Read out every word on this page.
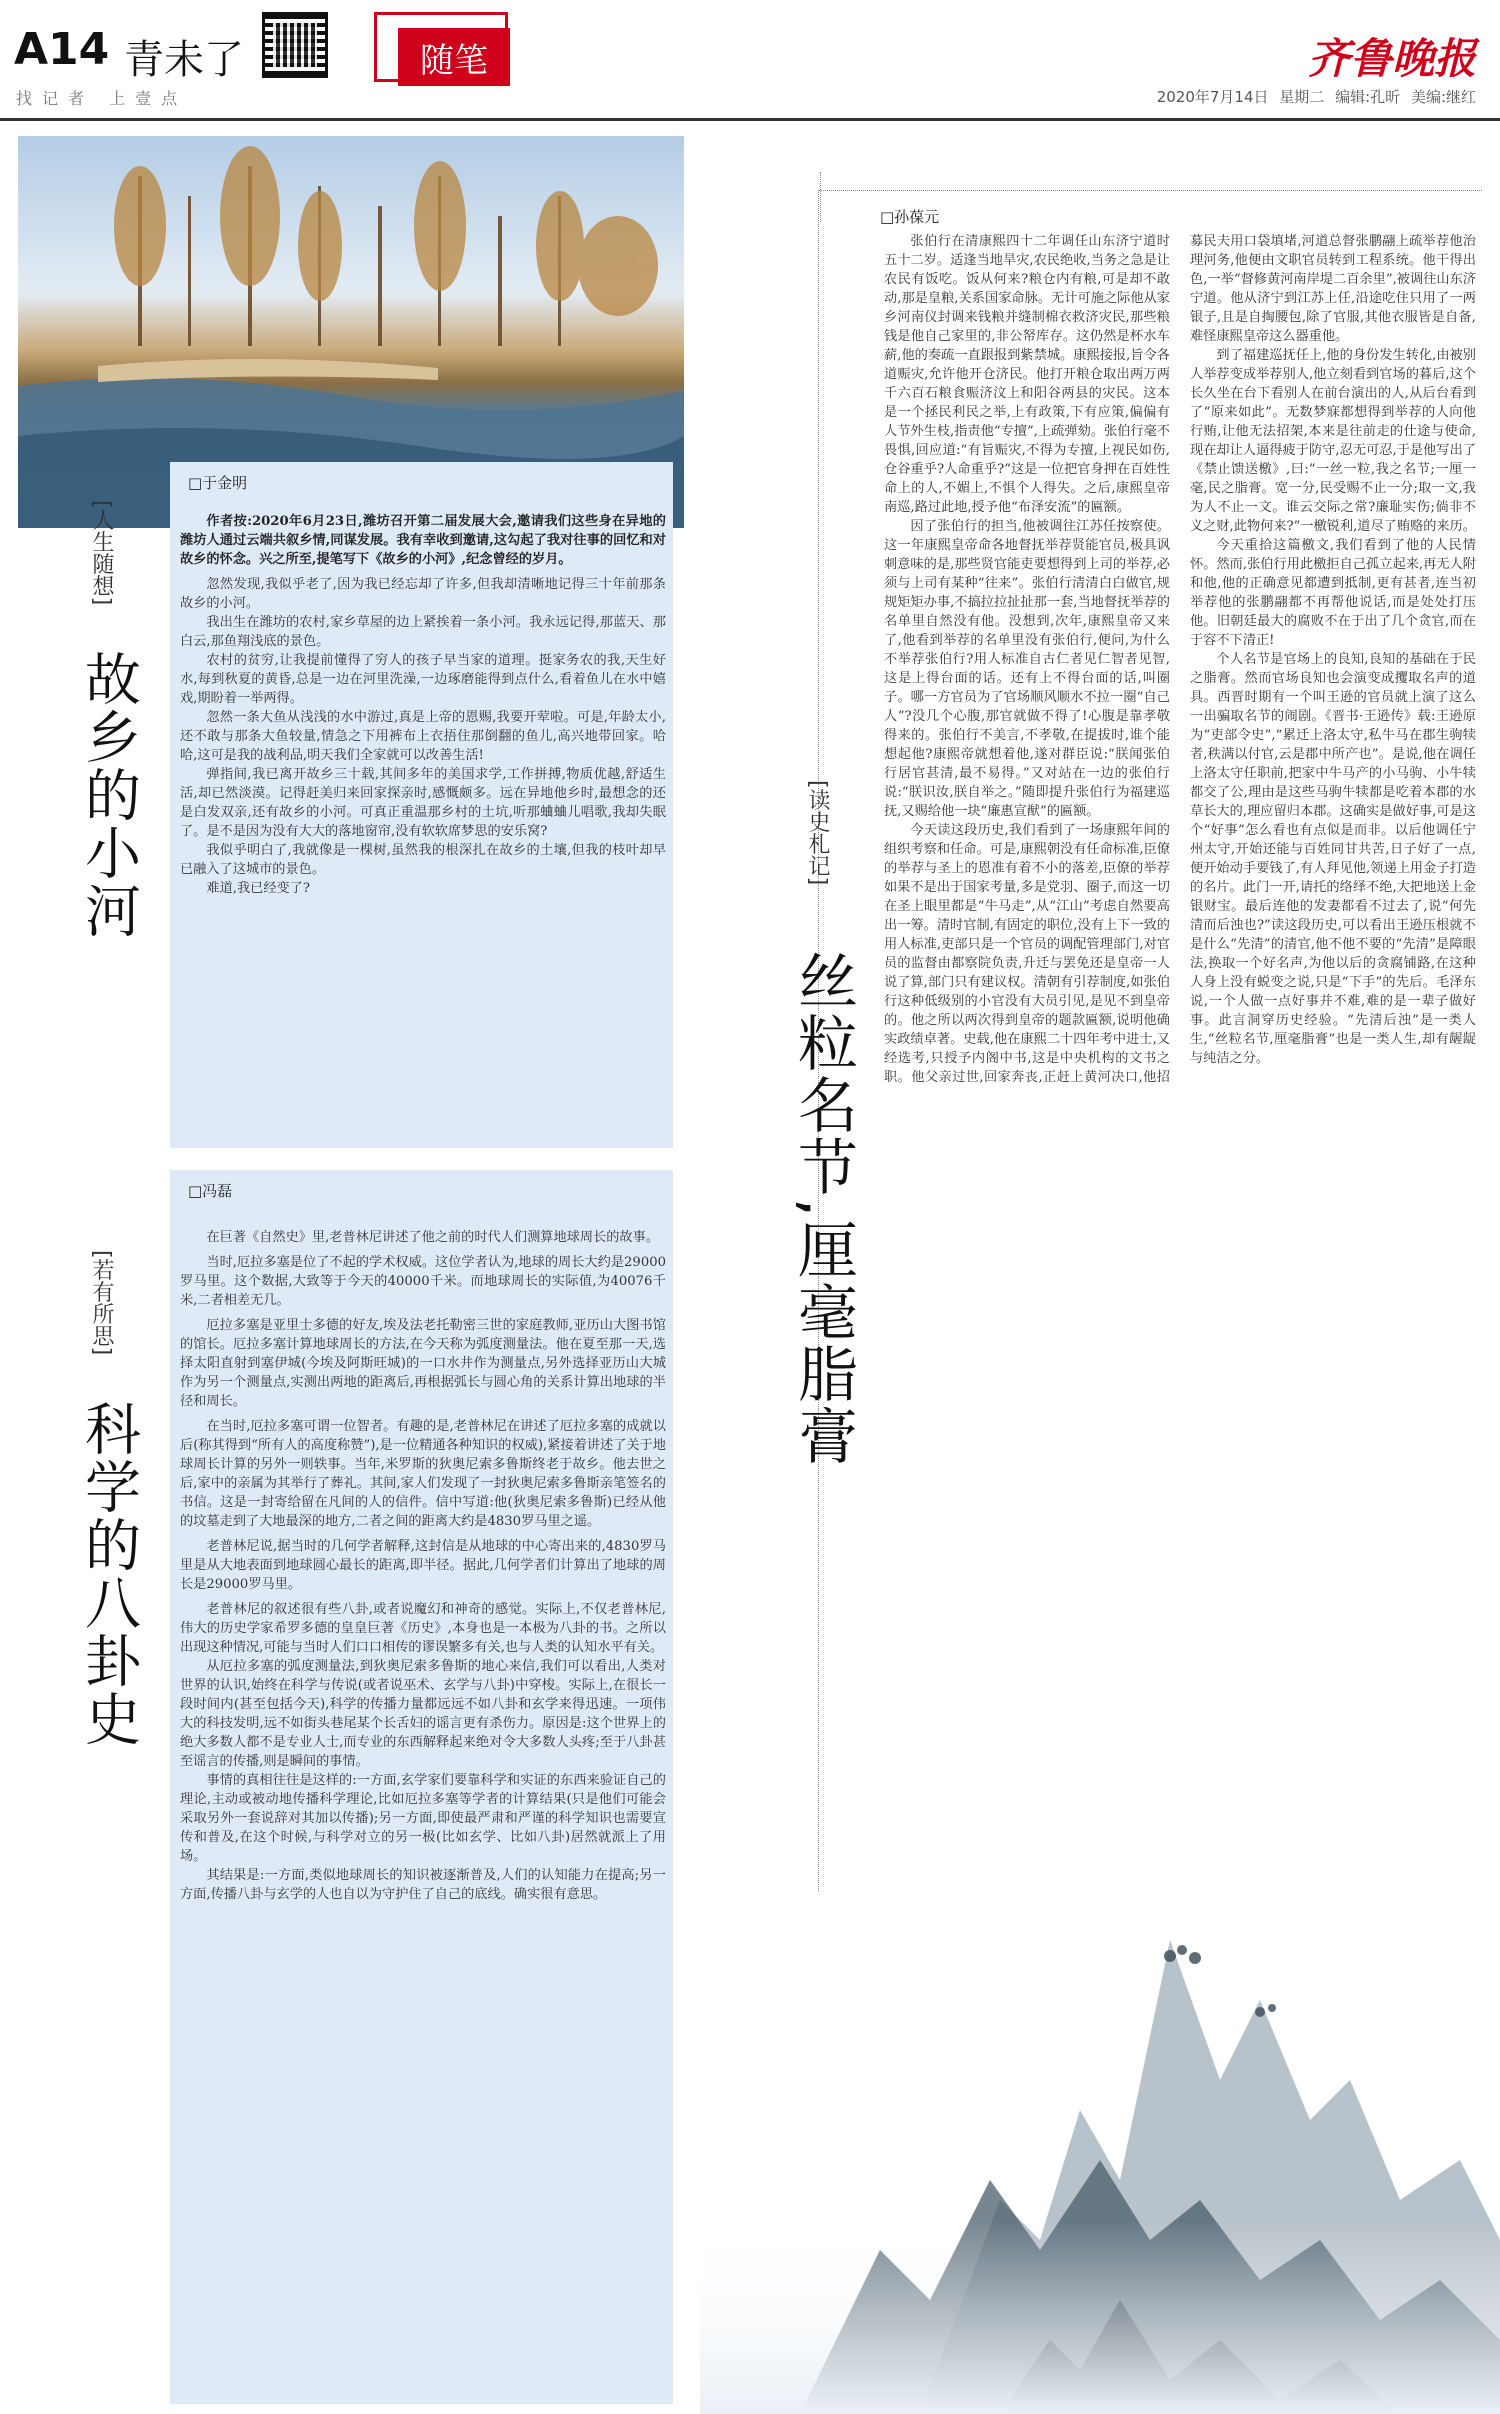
A14 青未了	随笔
找记者 上壹点
齐鲁晚报
2020年7月14日 星期二 编辑:孔昕 美编:继红
□于金明

作者按:2020年6月23日,潍坊召开第二届发展大会,邀请我们这些身在异地的潍坊人通过云端共叙乡情,同谋发展。我有幸收到邀请,这勾起了我对往事的回忆和对故乡的怀念。兴之所至,提笔写下《故乡的小河》,纪念曾经的岁月。

忽然发现,我似乎老了,因为我已经忘却了许多,但我却清晰地记得三十年前那条故乡的小河。

我出生在潍坊的农村,家乡草屋的边上紧挨着一条小河。我永远记得,那蓝天、那白云,那鱼翔浅底的景色。

农村的贫穷,让我提前懂得了穷人的孩子早当家的道理。挺家务农的我,天生好水,每到秋夏的黄昏,总是一边在河里洗澡,一边琢磨能得到点什么,看着鱼儿在水中嬉戏,期盼着一举两得。

忽然一条大鱼从浅浅的水中游过,真是上帝的恩赐,我要开荤啦。可是,年龄太小,还不敢与那条大鱼较量,情急之下用裤布上衣捂住那倒翻的鱼儿,高兴地带回家。哈哈,这可是我的战利品,明天我们全家就可以改善生活!

弹指间,我已离开故乡三十载,其间多年的美国求学,工作拼搏,物质优越,舒适生活,却已然淡漠。记得赶美归来回家探亲时,感慨颇多。远在异地他乡时,最想念的还是白发双亲,还有故乡的小河。可真正重温那乡村的土坑,听那蛐蛐儿唱歌,我却失眠了。是不是因为没有大大的落地窗帘,没有软软席梦思的安乐窝?

我似乎明白了,我就像是一棵树,虽然我的根深扎在故乡的土壤,但我的枝叶却早已融入了这城市的景色。

难道,我已经变了?

[人生随想]
故乡的小河
□冯磊

在巨著《自然史》里,老普林尼讲述了他之前的时代人们测算地球周长的故事。

当时,厄拉多塞是位了不起的学术权威。这位学者认为,地球的周长大约是29000罗马里。这个数据,大致等于今天的40000千米。而地球周长的实际值,为40076千米,二者相差无几。

厄拉多塞是亚里士多德的好友,埃及法老托勒密三世的家庭教师,亚历山大图书馆的馆长。厄拉多塞计算地球周长的方法,在今天称为弧度测量法。他在夏至那一天,选择太阳直射到塞伊城(今埃及阿斯旺城)的一口水井作为测量点,另外选择亚历山大城作为另一个测量点,实测出两地的距离后,再根据弧长与圆心角的关系计算出地球的半径和周长。

在当时,厄拉多塞可谓一位智者。有趣的是,老普林尼在讲述了厄拉多塞的成就以后(称其得到“所有人的高度称赞”),是一位精通各种知识的权威),紧接着讲述了关于地球周长计算的另外一则轶事。当年,米罗斯的狄奥尼索多鲁斯终老于故乡。他去世之后,家中的亲属为其举行了葬礼。其间,家人们发现了一封狄奥尼索多鲁斯亲笔签名的书信。这是一封寄给留在凡间的人的信件。信中写道:他(狄奥尼索多鲁斯)已经从他的坟墓走到了大地最深的地方,二者之间的距离大约是4830罗马里之遥。

老普林尼说,据当时的几何学者解释,这封信是从地球的中心寄出来的,4830罗马里是从大地表面到地球圆心最长的距离,即半径。据此,几何学者们计算出了地球的周长是29000罗马里。

老普林尼的叙述很有些八卦,或者说魔幻和神奇的感觉。实际上,不仅老普林尼,伟大的历史学家希罗多德的皇皇巨著《历史》,本身也是一本极为八卦的书。之所以出现这种情况,可能与当时人们口口相传的谬误繁多有关,也与人类的认知水平有关。

从厄拉多塞的弧度测量法,到狄奥尼索多鲁斯的地心来信,我们可以看出,人类对世界的认识,始终在科学与传说(或者说巫术、玄学与八卦)中穿梭。实际上,在很长一段时间内(甚至包括今天),科学的传播力量都远远不如八卦和玄学来得迅速。一项伟大的科技发明,远不如街头巷尾某个长舌妇的谣言更有杀伤力。原因是:这个世界上的绝大多数人都不是专业人士,而专业的东西解释起来绝对令大多数人头疼;至于八卦甚至谣言的传播,则是瞬间的事情。

事情的真相往往是这样的:一方面,玄学家们要靠科学和实证的东西来验证自己的理论,主动或被动地传播科学理论,比如厄拉多塞等学者的计算结果(只是他们可能会采取另外一套说辞对其加以传播);另一方面,即使最严肃和严谨的科学知识也需要宣传和普及,在这个时候,与科学对立的另一极(比如玄学、比如八卦)居然就派上了用场。

其结果是:一方面,类似地球周长的知识被逐渐普及,人们的认知能力在提高;另一方面,传播八卦与玄学的人也自以为守护住了自己的底线。确实很有意思。

[若有所思]
科学的八卦史
[读史札记]
丝粒名节,厘毫脂膏
□孙葆元

张伯行在清康熙四十二年调任山东济宁道时五十二岁。适逢当地旱灾,农民绝收,当务之急是让农民有饭吃。饭从何来?粮仓内有粮,可是却不敢动,那是皇粮,关系国家命脉。无计可施之际他从家乡河南仪封调来钱粮并缝制棉衣救济灾民,那些粮钱是他自己家里的,非公帑库存。这仍然是杯水车薪,他的奏疏一直跟报到紫禁城。康熙接报,旨令各道赈灾,允许他开仓济民。他打开粮仓取出两万两千六百石粮食赈济汶上和阳谷两县的灾民。这本是一个拯民利民之举,上有政策,下有应策,偏偏有人节外生枝,指责他“专擅”,上疏弹劾。张伯行毫不畏惧,回应道:“有旨赈灾,不得为专擅,上视民如伤,仓谷重乎?人命重乎?”这是一位把官身押在百姓性命上的人,不媚上,不惧个人得失。之后,康熙皇帝南巡,路过此地,授予他“布泽安流”的匾额。

因了张伯行的担当,他被调往江苏任按察使。这一年康熙皇帝命各地督抚举荐贤能官员,极具讽刺意味的是,那些贤官能吏要想得到上司的举荐,必须与上司有某种“往来”。张伯行清清白白做官,规规矩矩办事,不搞拉拉扯扯那一套,当地督抚举荐的名单里自然没有他。没想到,次年,康熙皇帝又来了,他看到举荐的名单里没有张伯行,便问,为什么不举荐张伯行?用人标准自古仁者见仁智者见智,这是上得台面的话。还有上不得台面的话,叫圈子。哪一方官员为了官场顺风顺水不拉一圈“自己人”?没几个心腹,那官就做不得了!心腹是靠孝敬得来的。张伯行不美言,不孝敬,在提拔时,谁个能想起他?康熙帝就想着他,遂对群臣说:“朕闻张伯行居官甚清,最不易得。”又对站在一边的张伯行说:“朕识汝,朕自举之。”随即提升张伯行为福建巡抚,又赐给他一块“廉惠宣猷”的匾额。

今天读这段历史,我们看到了一场康熙年间的组织考察和任命。可是,康熙朝没有任命标准,臣僚的举荐与圣上的恩准有着不小的落差,臣僚的举荐如果不是出于国家考量,多是党羽、圈子,而这一切在圣上眼里都是“牛马走”,从“江山”考虑自然要高出一筹。清时官制,有固定的职位,没有上下一致的用人标准,吏部只是一个官员的调配管理部门,对官员的监督由都察院负责,升迁与罢免还是皇帝一人说了算,部门只有建议权。清朝有引荐制度,如张伯行这种低级别的小官没有大员引见,是见不到皇帝的。他之所以两次得到皇帝的题款匾额,说明他确实政绩卓著。史载,他在康熙二十四年考中进士,又经选考,只授予内阁中书,这是中央机构的文书之职。他父亲过世,回家奔丧,正赶上黄河决口,他招募民夫用口袋填堵,河道总督张鹏翮上疏举荐他治理河务,他便由文职官员转到工程系统。他干得出色,一举“督修黄河南岸堤二百余里”,被调往山东济宁道。他从济宁到江苏上任,沿途吃住只用了一两银子,且是自掏腰包,除了官服,其他衣服皆是自备,难怪康熙皇帝这么器重他。

到了福建巡抚任上,他的身份发生转化,由被别人举荐变成举荐别人,他立刻看到官场的暮后,这个长久坐在台下看别人在前台演出的人,从后台看到了“原来如此”。无数梦寐都想得到举荐的人向他行贿,让他无法招架,本来是往前走的仕途与使命,现在却让人逼得疲于防守,忍无可忍,于是他写出了《禁止馈送檄》,曰:“一丝一粒,我之名节;一厘一毫,民之脂膏。宽一分,民受赐不止一分;取一文,我为人不止一文。谁云交际之常?廉耻实伤;倘非不义之财,此物何来?”一檄锐利,道尽了贿赂的来历。

今天重拾这篇檄文,我们看到了他的人民情怀。然而,张伯行用此檄拒自己孤立起来,再无人附和他,他的正确意见都遭到抵制,更有甚者,连当初举荐他的张鹏翮都不再帮他说话,而是处处打压他。旧朝廷最大的腐败不在于出了几个贪官,而在于容不下清正!

个人名节是官场上的良知,良知的基础在于民之脂膏。然而官场良知也会演变成攫取名声的道具。西晋时期有一个叫王逊的官员就上演了这么一出骗取名节的闹剧。《晋书·王逊传》载:王逊原为“吏部令史”,“累迁上洛太守,私牛马在郡生驹犊者,秩满以付官,云是郡中所产也”。是说,他在调任上洛太守任职前,把家中牛马产的小马驹、小牛犊都交了公,理由是这些马驹牛犊都是吃着本郡的水草长大的,理应留归本郡。这确实是做好事,可是这个“好事”怎么看也有点似是而非。以后他调任宁州太守,开始还能与百姓同甘共苦,日子好了一点,便开始动手要钱了,有人拜见他,领递上用金子打造的名片。此门一开,请托的络绎不绝,大把地送上金银财宝。最后连他的发妻都看不过去了,说“何先清而后浊也?”读这段历史,可以看出王逊压根就不是什么“先清”的清官,他不他不要的“先清”是障眼法,换取一个好名声,为他以后的贪腐铺路,在这种人身上没有蜕变之说,只是“下手”的先后。毛泽东说,一个人做一点好事并不难,难的是一辈子做好事。此言洞穿历史经验。“先清后浊”是一类人生,“丝粒名节,厘毫脂膏”也是一类人生,却有龌龊与纯洁之分。
